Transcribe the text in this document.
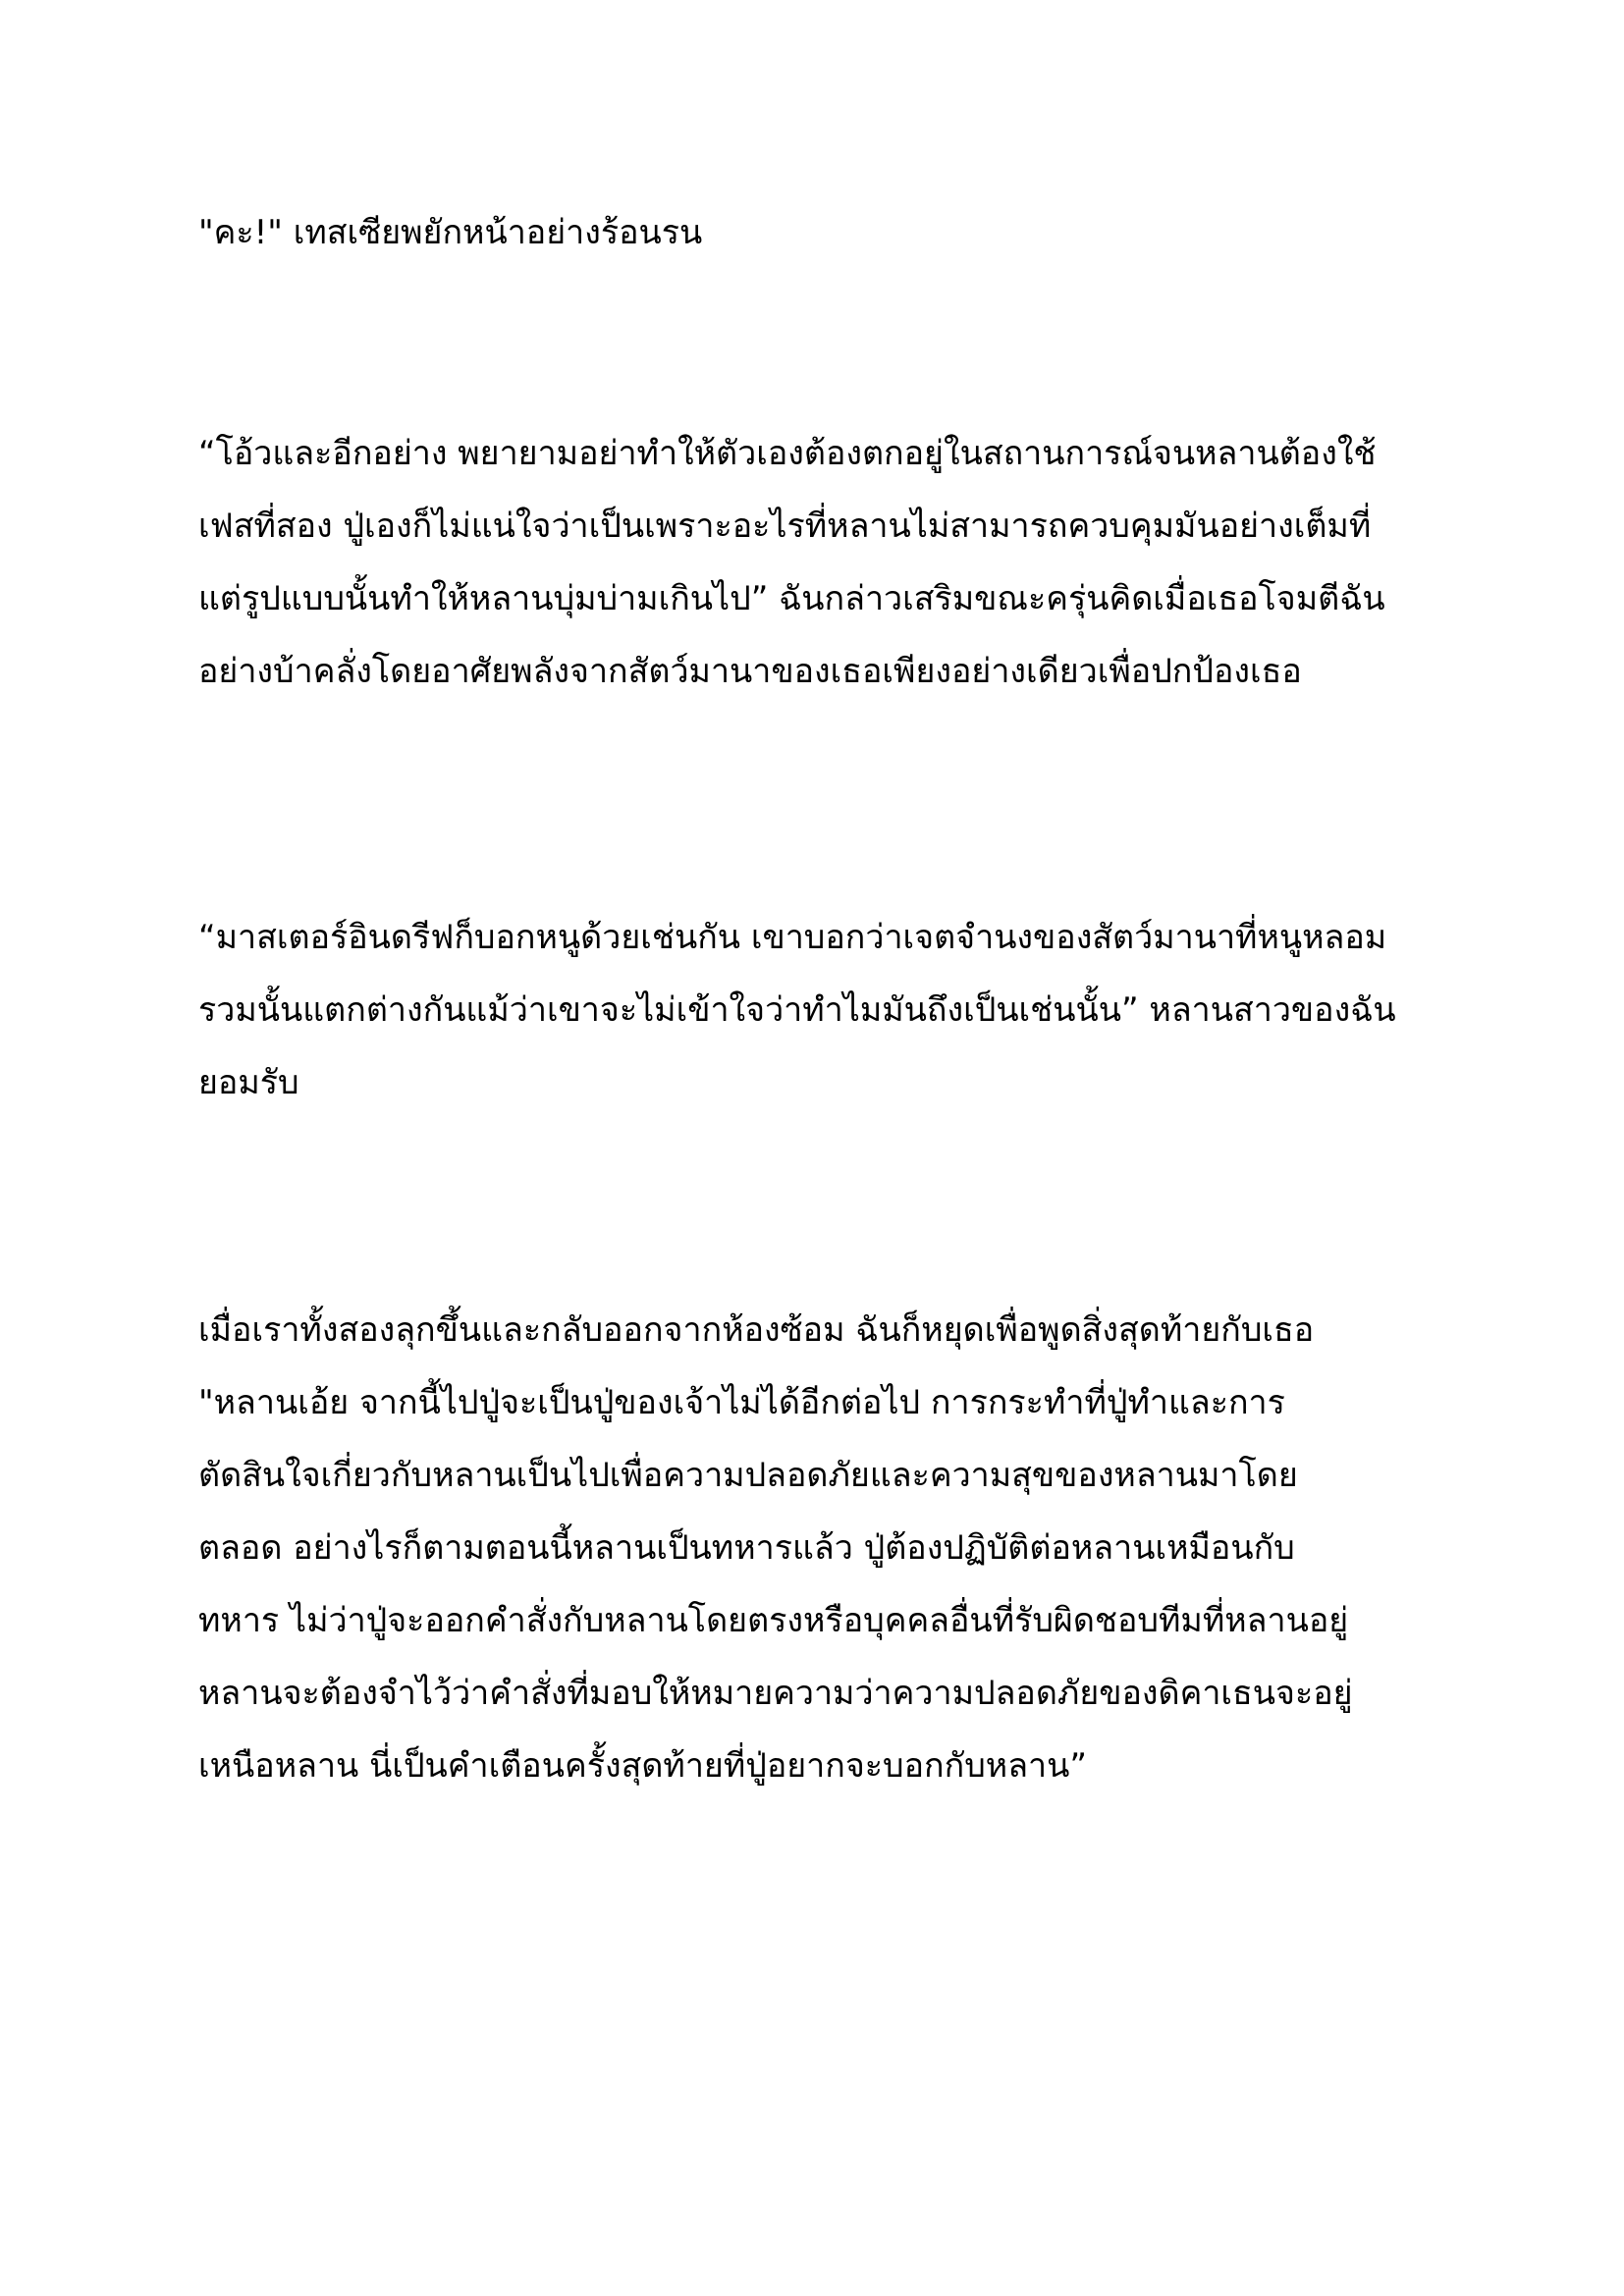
"คะ!" เทสเซียพยักหน้าอย่างร้อนรน
“โอ้วและอีกอย่าง พยายามอย่าทำให้ตัวเองต้องตกอยู่ในสถานการณ์จนหลานต้องใช้
เฟสที่สอง ปู่เองก็ไม่แน่ใจว่าเป็นเพราะอะไรที่หลานไม่สามารถควบคุมมันอย่างเต็มที่
แต่รูปแบบนั้นทำให้หลานบุ่มบ่ามเกินไป” ฉันกล่าวเสริมขณะครุ่นคิดเมื่อเธอโจมตีฉัน
อย่างบ้าคลั่งโดยอาศัยพลังจากสัตว์มานาของเธอเพียงอย่างเดียวเพื่อปกป้องเธอ
“มาสเตอร์อินดรีฟก็บอกหนูด้วยเช่นกัน เขาบอกว่าเจตจำนงของสัตว์มานาที่หนูหลอม
รวมนั้นแตกต่างกันแม้ว่าเขาจะไม่เข้าใจว่าทำไมมันถึงเป็นเช่นนั้น” หลานสาวของฉัน
ยอมรับ
เมื่อเราทั้งสองลุกขึ้นและกลับออกจากห้องซ้อม ฉันก็หยุดเพื่อพูดสิ่งสุดท้ายกับเธอ
"หลานเอ้ย จากนี้ไปปู่จะเป็นปู่ของเจ้าไม่ได้อีกต่อไป การกระทำที่ปู่ทำและการ
ตัดสินใจเกี่ยวกับหลานเป็นไปเพื่อความปลอดภัยและความสุขของหลานมาโดย
ตลอด อย่างไรก็ตามตอนนี้หลานเป็นทหารแล้ว ปู่ต้องปฏิบัติต่อหลานเหมือนกับ
ทหาร ไม่ว่าปู่จะออกคำสั่งกับหลานโดยตรงหรือบุคคลอื่นที่รับผิดชอบทีมที่หลานอยู่
หลานจะต้องจำไว้ว่าคำสั่งที่มอบให้หมายความว่าความปลอดภัยของดิคาเธนจะอยู่
เหนือหลาน นี่เป็นคำเตือนครั้งสุดท้ายที่ปู่อยากจะบอกกับหลาน”
